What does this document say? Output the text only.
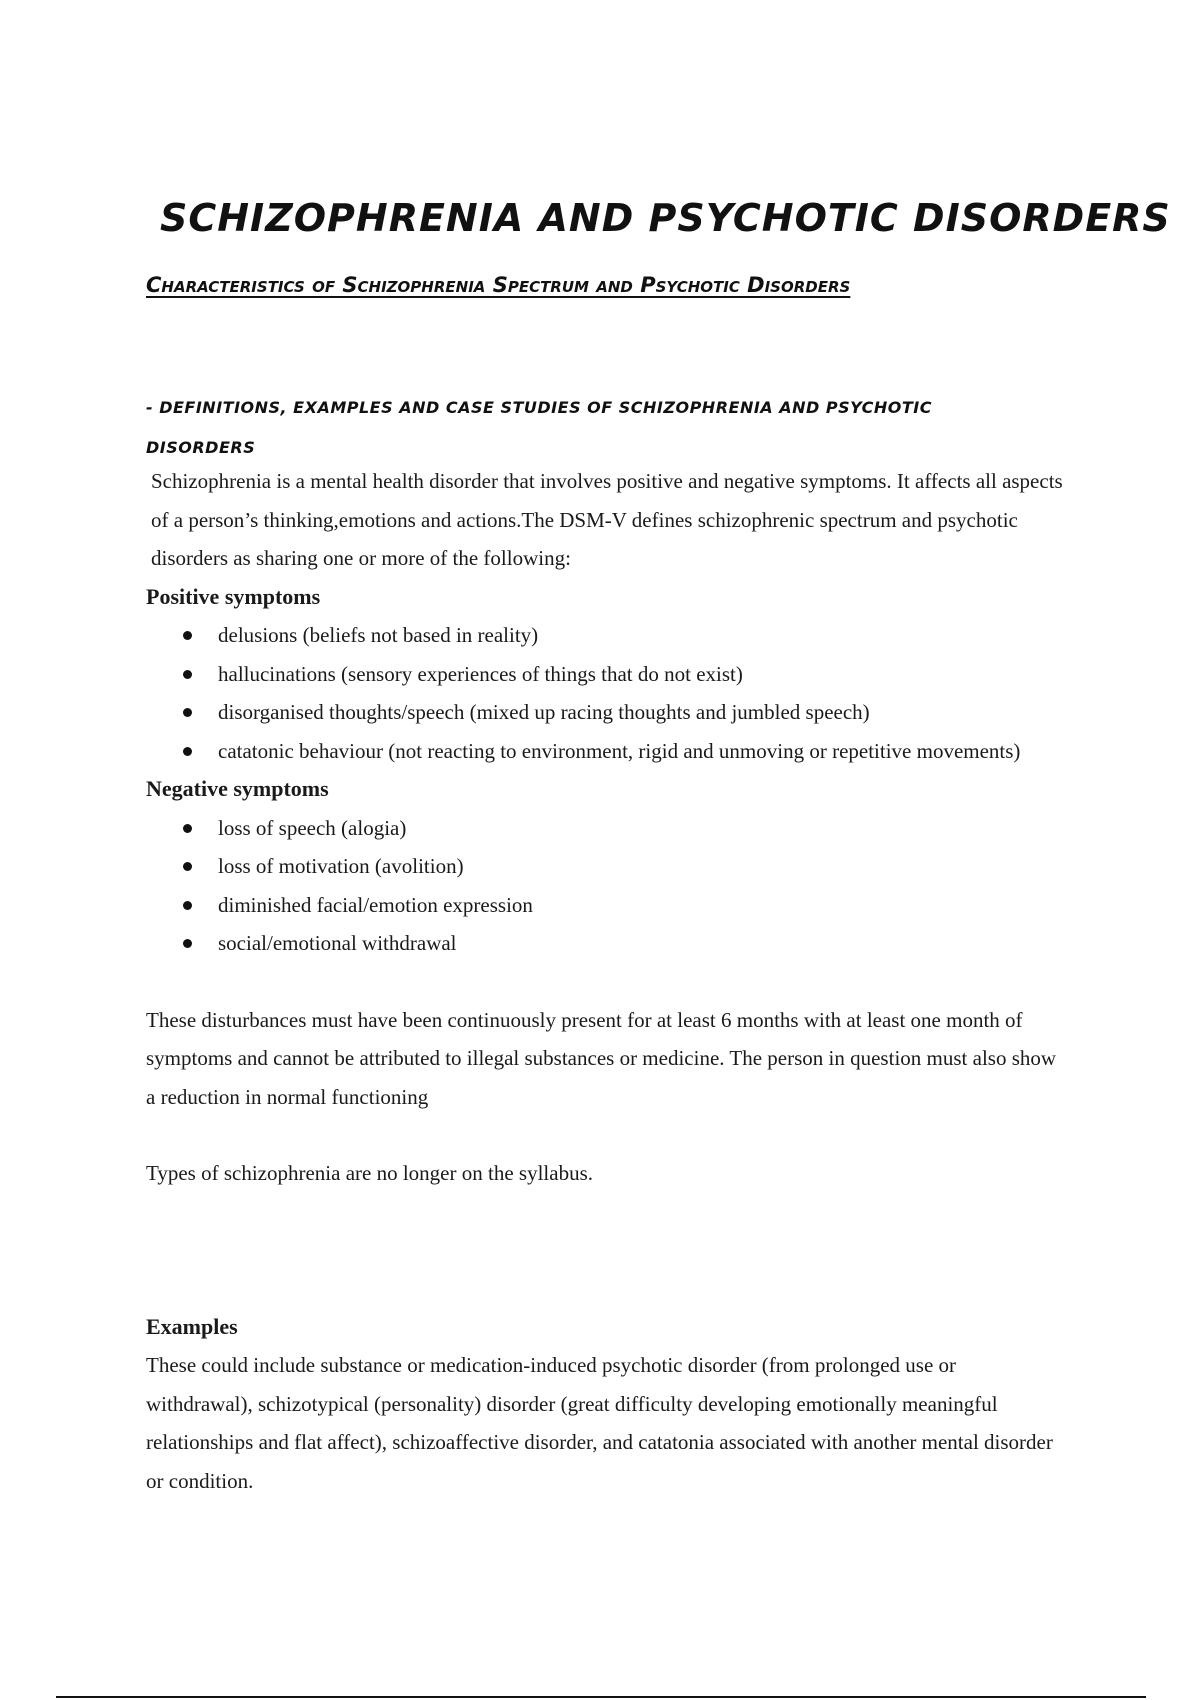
SCHIZOPHRENIA AND PSYCHOTIC DISORDERS
Characteristics of Schizophrenia Spectrum and Psychotic Disorders
- DEFINITIONS, EXAMPLES AND CASE STUDIES OF SCHIZOPHRENIA AND PSYCHOTIC DISORDERS

Schizophrenia is a mental health disorder that involves positive and negative symptoms. It affects all aspects of a person’s thinking,emotions and actions.The DSM-V defines schizophrenic spectrum and psychotic disorders as sharing one or more of the following:

Positive symptoms

delusions (beliefs not based in reality)
hallucinations (sensory experiences of things that do not exist)
disorganised thoughts/speech (mixed up racing thoughts and jumbled speech)
catatonic behaviour (not reacting to environment, rigid and unmoving or repetitive movements)

Negative symptoms

loss of speech (alogia)
loss of motivation (avolition)
diminished facial/emotion expression
social/emotional withdrawal

These disturbances must have been continuously present for at least 6 months with at least one month of symptoms and cannot be attributed to illegal substances or medicine. The person in question must also show a reduction in normal functioning

Types of schizophrenia are no longer on the syllabus.

Examples

These could include substance or medication-induced psychotic disorder (from prolonged use or withdrawal), schizotypical (personality) disorder (great difficulty developing emotionally meaningful relationships and flat affect), schizoaffective disorder, and catatonia associated with another mental disorder or condition.
